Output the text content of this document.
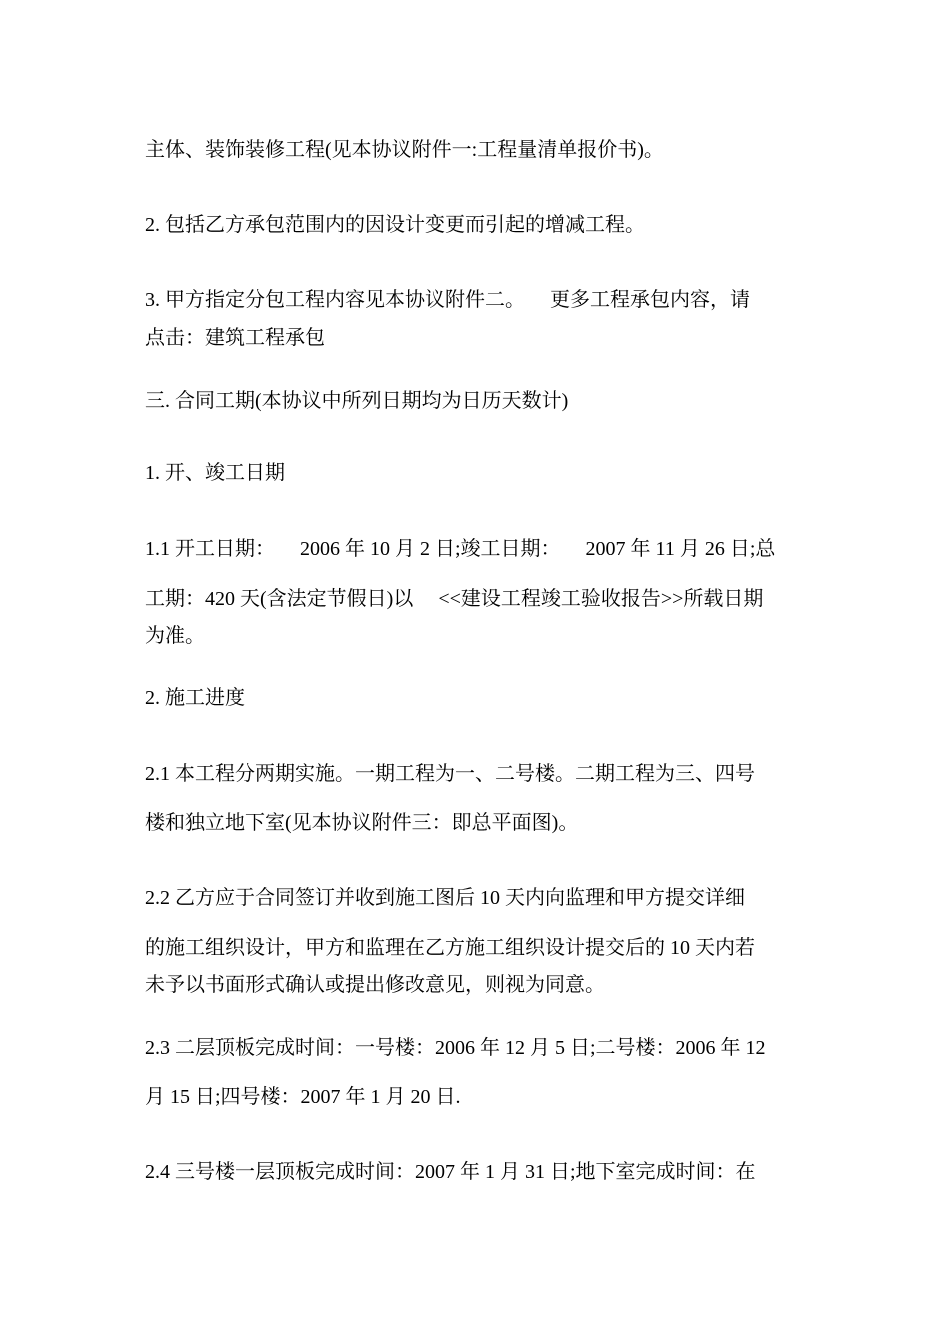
主体、装饰装修工程(见本协议附件一:工程量清单报价书)。
2. 包括乙方承包范围内的因设计变更而引起的增减工程。
3. 甲方指定分包工程内容见本协议附件二。     更多工程承包内容，请
点击：建筑工程承包
三. 合同工期(本协议中所列日期均为日历天数计)
1. 开、竣工日期
1.1 开工日期：     2006 年 10 月 2 日;竣工日期：     2007 年 11 月 26 日;总
工期：420 天(含法定节假日)以     <<建设工程竣工验收报告>>所载日期
为准。
2. 施工进度
2.1 本工程分两期实施。一期工程为一、二号楼。二期工程为三、四号
楼和独立地下室(见本协议附件三：即总平面图)。
2.2 乙方应于合同签订并收到施工图后 10 天内向监理和甲方提交详细
的施工组织设计，甲方和监理在乙方施工组织设计提交后的 10 天内若
未予以书面形式确认或提出修改意见，则视为同意。
2.3 二层顶板完成时间：一号楼：2006 年 12 月 5 日;二号楼：2006 年 12
月 15 日;四号楼：2007 年 1 月 20 日.
2.4 三号楼一层顶板完成时间：2007 年 1 月 31 日;地下室完成时间：在
